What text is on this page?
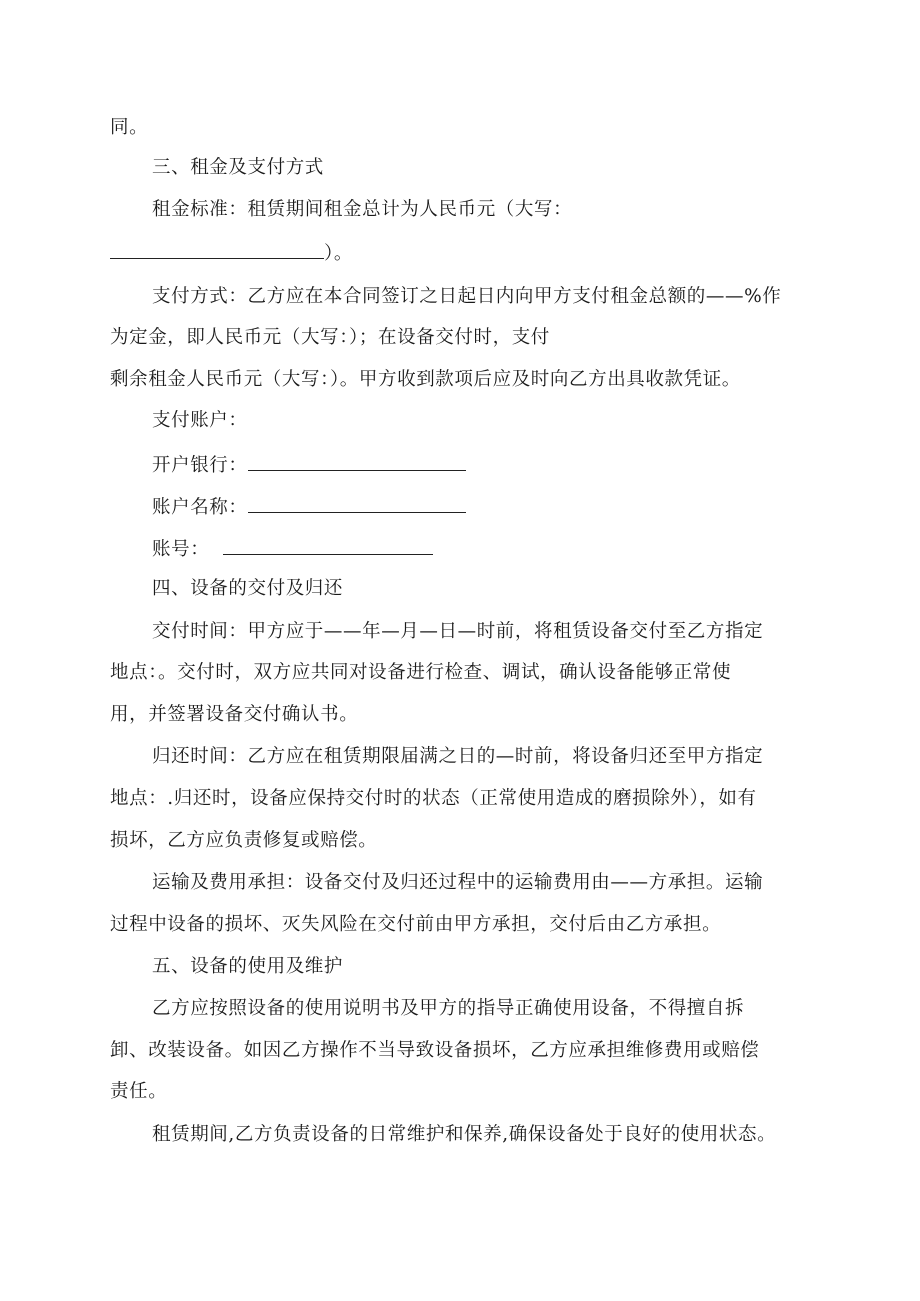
同。
三、租金及支付方式
租金标准：租赁期间租金总计为人民币元（大写：
）。
支付方式：乙方应在本合同签订之日起日内向甲方支付租金总额的——%作
为定金，即人民币元（大写：）；在设备交付时，支付
剩余租金人民币元（大写：）。甲方收到款项后应及时向乙方出具收款凭证。
支付账户：
开户银行：
账户名称：
账号：
四、设备的交付及归还
交付时间：甲方应于——年—月—日—时前，将租赁设备交付至乙方指定
地点：。交付时，双方应共同对设备进行检查、调试，确认设备能够正常使
用，并签署设备交付确认书。
归还时间：乙方应在租赁期限届满之日的—时前，将设备归还至甲方指定
地点：.归还时，设备应保持交付时的状态（正常使用造成的磨损除外），如有
损坏，乙方应负责修复或赔偿。
运输及费用承担：设备交付及归还过程中的运输费用由——方承担。运输
过程中设备的损坏、灭失风险在交付前由甲方承担，交付后由乙方承担。
五、设备的使用及维护
乙方应按照设备的使用说明书及甲方的指导正确使用设备，不得擅自拆
卸、改装设备。如因乙方操作不当导致设备损坏，乙方应承担维修费用或赔偿
责任。
租赁期间,乙方负责设备的日常维护和保养,确保设备处于良好的使用状态。
